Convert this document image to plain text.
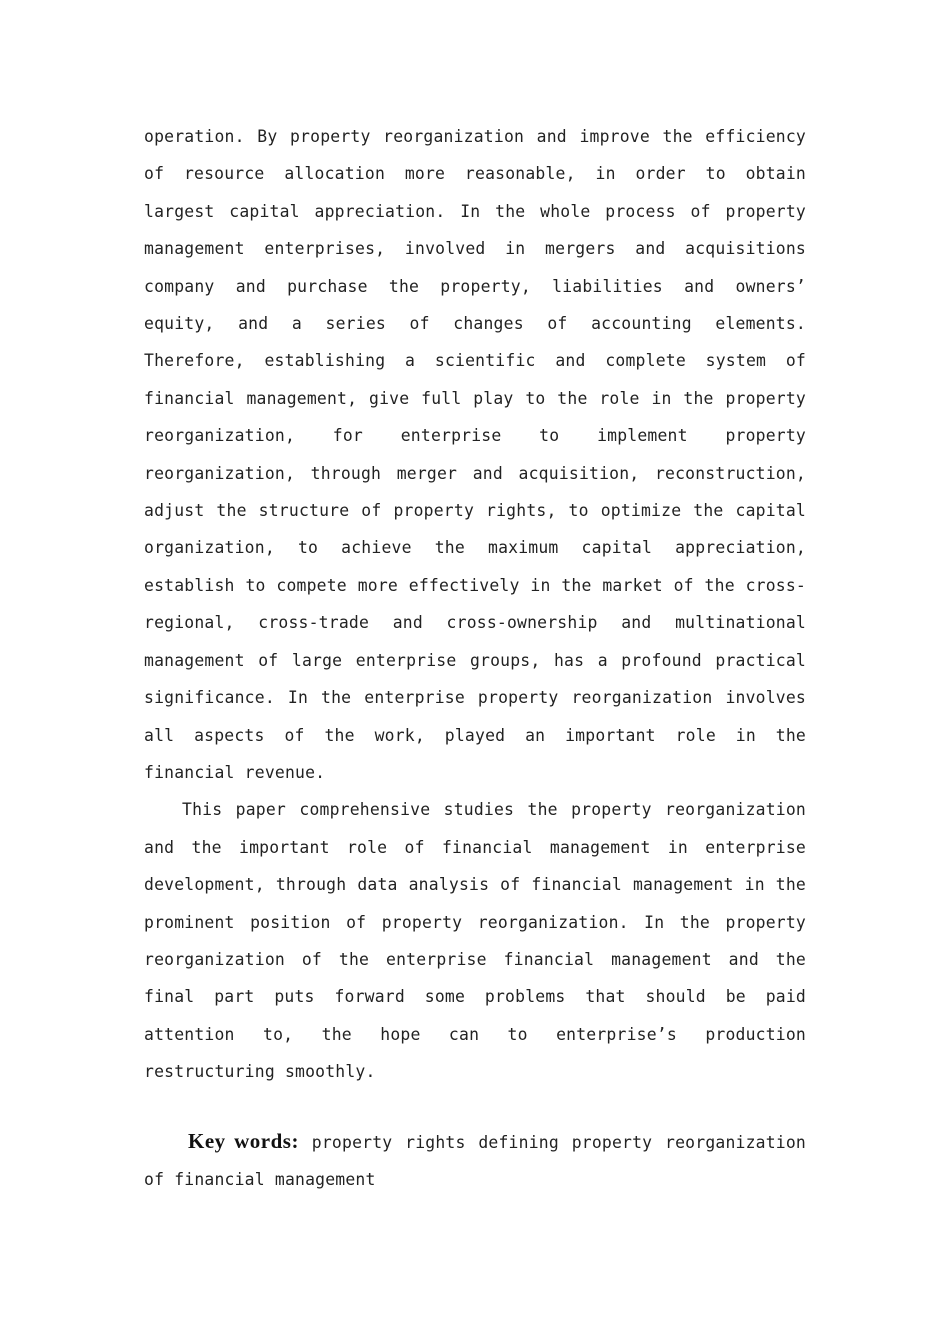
operation. By property reorganization and improve the efficiency of resource allocation more reasonable, in order to obtain largest capital appreciation. In the whole process of property management enterprises, involved in mergers and acquisitions company and purchase the property, liabilities and owners’ equity, and a series of changes of accounting elements. Therefore, establishing a scientific and complete system of financial management, give full play to the role in the property reorganization, for enterprise to implement property reorganization, through merger and acquisition, reconstruction, adjust the structure of property rights, to optimize the capital organization, to achieve the maximum capital appreciation, establish to compete more effectively in the market of the cross-regional, cross-trade and cross-ownership and multinational management of large enterprise groups, has a profound practical significance. In the enterprise property reorganization involves all aspects of the work, played an important role in the financial revenue.

This paper comprehensive studies the property reorganization and the important role of financial management in enterprise development, through data analysis of financial management in the prominent position of property reorganization. In the property reorganization of the enterprise financial management and the final part puts forward some problems that should be paid attention to, the hope can to enterprise’s production restructuring smoothly.

Key words: property rights defining property reorganization of financial management
